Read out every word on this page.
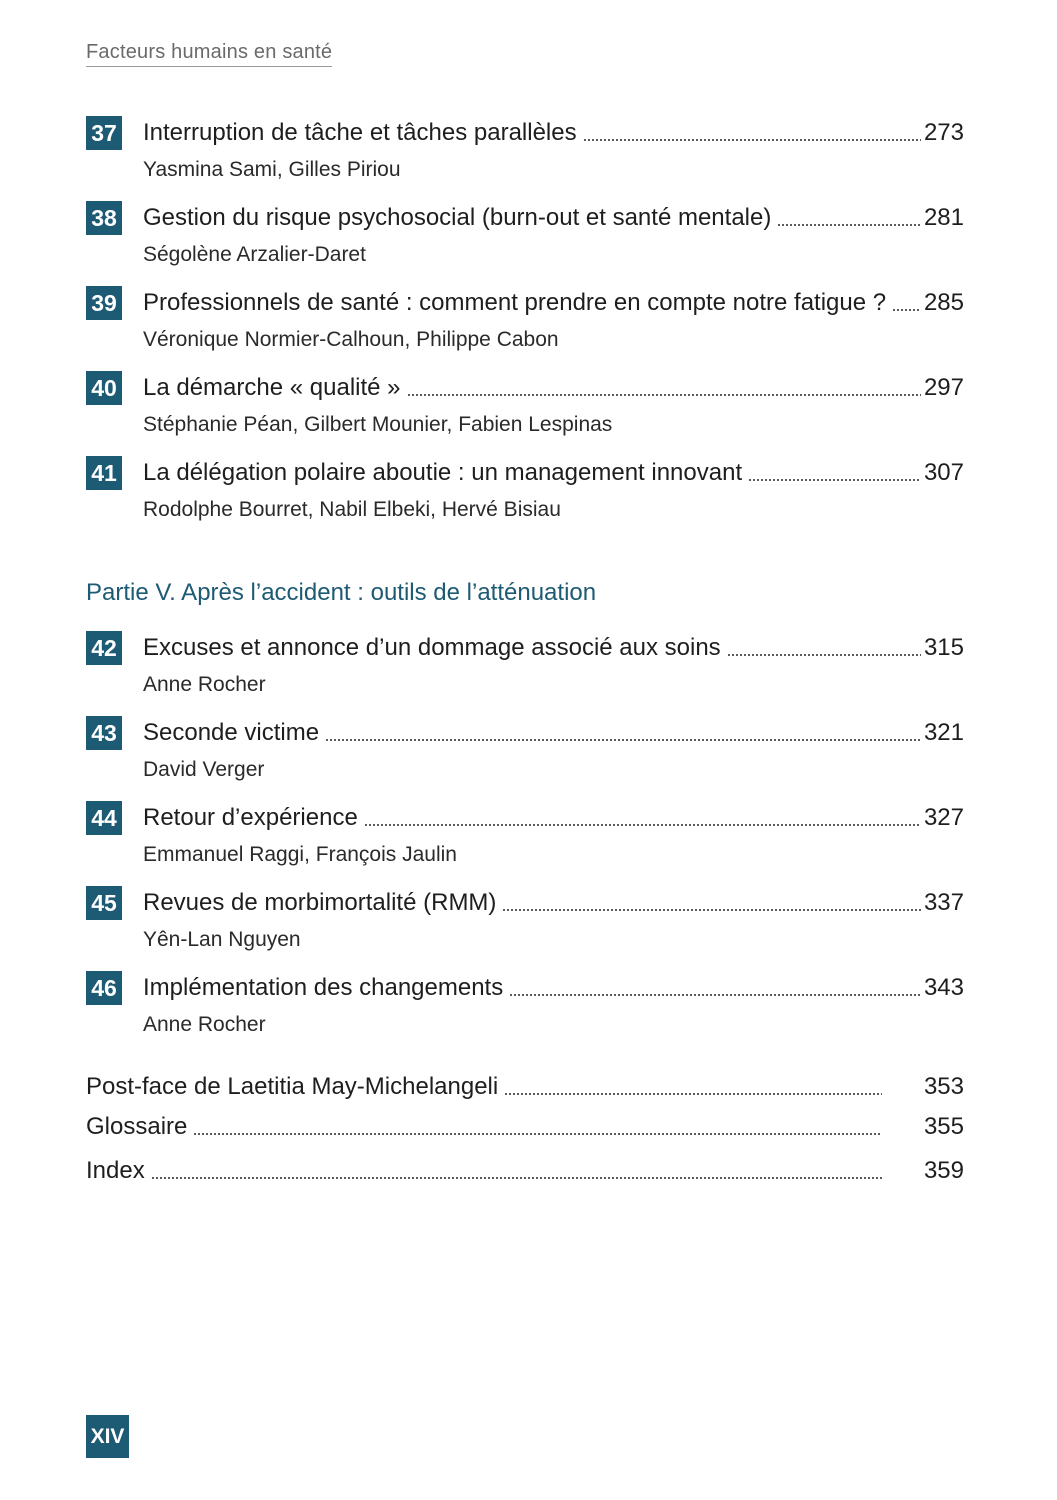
Facteurs humains en santé
37 Interruption de tâche et tâches parallèles	273
Yasmina Sami, Gilles Piriou
38 Gestion du risque psychosocial (burn-out et santé mentale)	281
Ségolène Arzalier-Daret
39 Professionnels de santé : comment prendre en compte notre fatigue ?	285
Véronique Normier-Calhoun, Philippe Cabon
40 La démarche « qualité »	297
Stéphanie Péan, Gilbert Mounier, Fabien Lespinas
41 La délégation polaire aboutie : un management innovant	307
Rodolphe Bourret, Nabil Elbeki, Hervé Bisiau
Partie V. Après l’accident : outils de l’atténuation
42 Excuses et annonce d’un dommage associé aux soins	315
Anne Rocher
43 Seconde victime	321
David Verger
44 Retour d’expérience	327
Emmanuel Raggi, François Jaulin
45 Revues de morbimortalité (RMM)	337
Yên-Lan Nguyen
46 Implémentation des changements	343
Anne Rocher
Post-face de Laetitia May-Michelangeli	353
Glossaire	355
Index	359
XIV
